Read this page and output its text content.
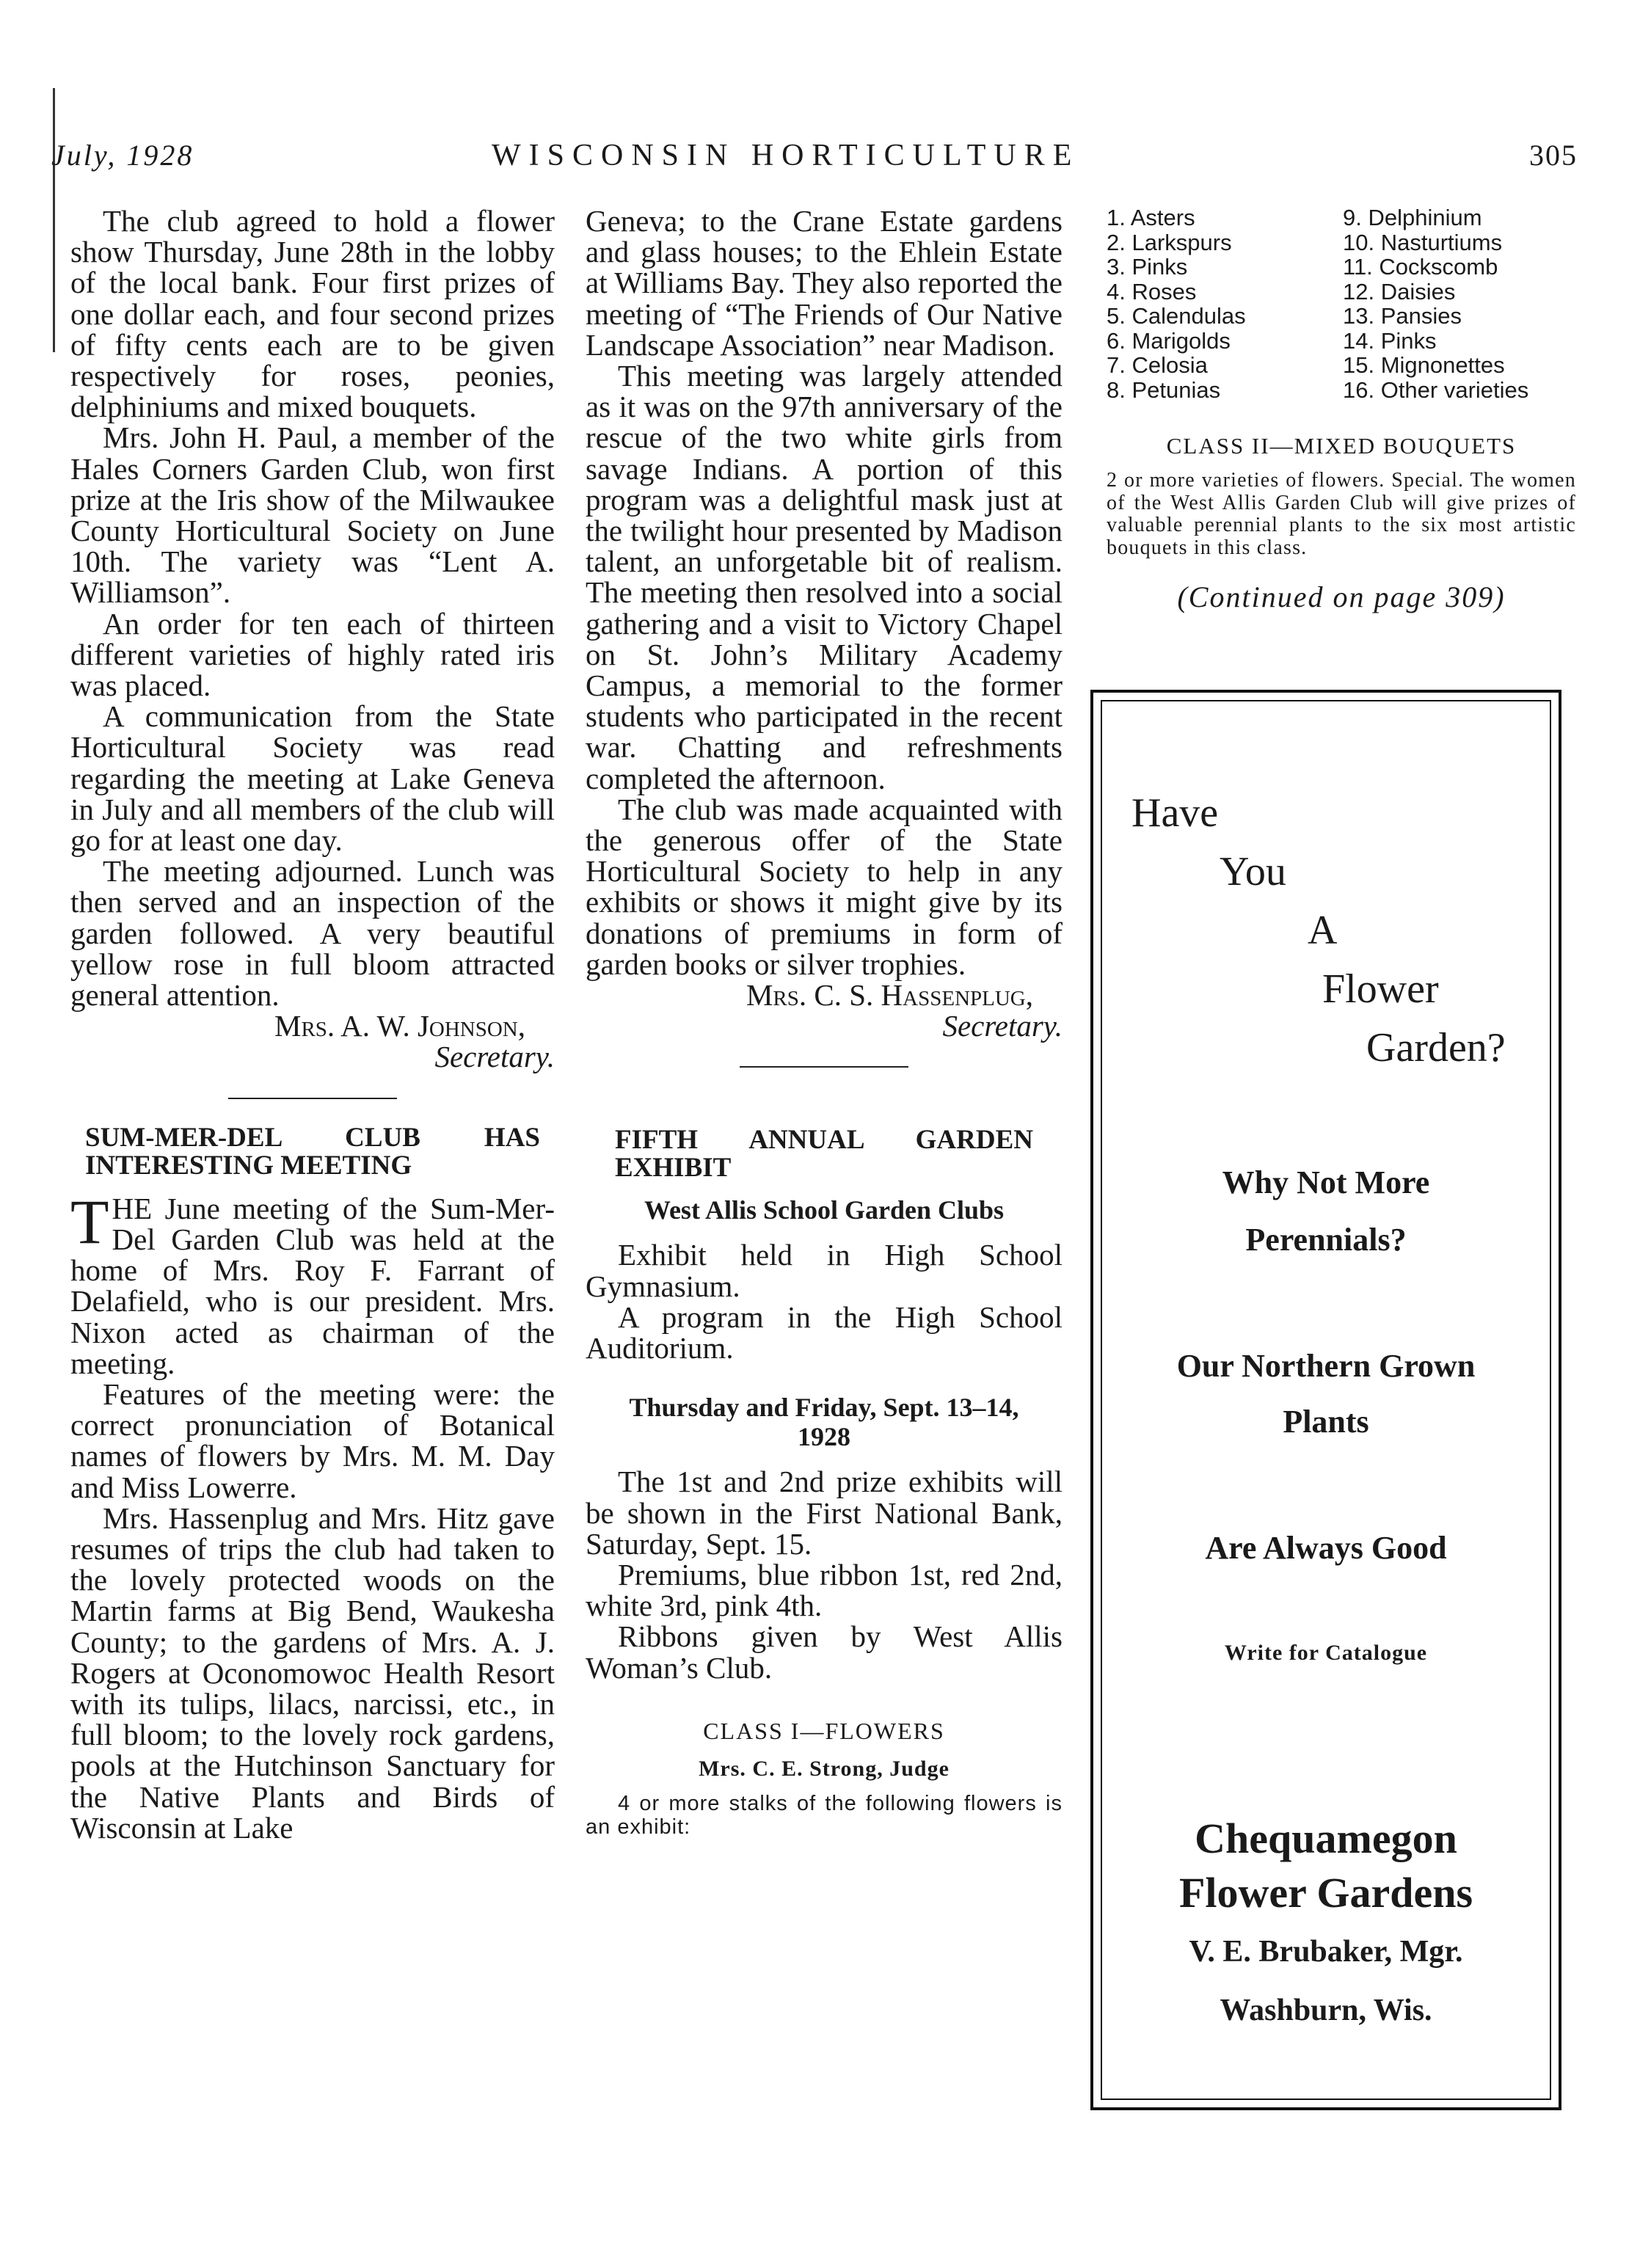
July, 1928	WISCONSIN HORTICULTURE	305

The club agreed to hold a flower show Thursday, June 28th in the lobby of the local bank. Four first prizes of one dollar each, and four second prizes of fifty cents each are to be given respectively for roses, peonies, delphiniums and mixed bouquets.

Mrs. John H. Paul, a member of the Hales Corners Garden Club, won first prize at the Iris show of the Milwaukee County Horticultural Society on June 10th. The variety was “Lent A. Williamson”.

An order for ten each of thirteen different varieties of highly rated iris was placed.

A communication from the State Horticultural Society was read regarding the meeting at Lake Geneva in July and all members of the club will go for at least one day.

The meeting adjourned. Lunch was then served and an inspection of the garden followed. A very beautiful yellow rose in full bloom attracted general attention.

Mrs. A. W. Johnson,
Secretary.

SUM-MER-DEL CLUB HAS INTERESTING MEETING

THE June meeting of the Sum-Mer-Del Garden Club was held at the home of Mrs. Roy F. Farrant of Delafield, who is our president. Mrs. Nixon acted as chairman of the meeting.

Features of the meeting were: the correct pronunciation of Botanical names of flowers by Mrs. M. M. Day and Miss Lowerre.

Mrs. Hassenplug and Mrs. Hitz gave resumes of trips the club had taken to the lovely protected woods on the Martin farms at Big Bend, Waukesha County; to the gardens of Mrs. A. J. Rogers at Oconomowoc Health Resort with its tulips, lilacs, narcissi, etc., in full bloom; to the lovely rock gardens, pools at the Hutchinson Sanctuary for the Native Plants and Birds of Wisconsin at Lake

Geneva; to the Crane Estate gardens and glass houses; to the Ehlein Estate at Williams Bay. They also reported the meeting of “The Friends of Our Native Landscape Association” near Madison.

This meeting was largely attended as it was on the 97th anniversary of the rescue of the two white girls from savage Indians. A portion of this program was a delightful mask just at the twilight hour presented by Madison talent, an unforgetable bit of realism. The meeting then resolved into a social gathering and a visit to Victory Chapel on St. John’s Military Academy Campus, a memorial to the former students who participated in the recent war. Chatting and refreshments completed the afternoon.

The club was made acquainted with the generous offer of the State Horticultural Society to help in any exhibits or shows it might give by its donations of premiums in form of garden books or silver trophies.

Mrs. C. S. Hassenplug,
Secretary.

FIFTH ANNUAL GARDEN EXHIBIT

West Allis School Garden Clubs

Exhibit held in High School Gymnasium.

A program in the High School Auditorium.

Thursday and Friday, Sept. 13–14, 1928

The 1st and 2nd prize exhibits will be shown in the First National Bank, Saturday, Sept. 15.

Premiums, blue ribbon 1st, red 2nd, white 3rd, pink 4th.

Ribbons given by West Allis Woman’s Club.

CLASS I—FLOWERS
Mrs. C. E. Strong, Judge

4 or more stalks of the following flowers is an exhibit:

1. Asters
2. Larkspurs
3. Pinks
4. Roses
5. Calendulas
6. Marigolds
7. Celosia
8. Petunias
9. Delphinium
10. Nasturtiums
11. Cockscomb
12. Daisies
13. Pansies
14. Pinks
15. Mignonettes
16. Other varieties
CLASS II—MIXED BOUQUETS

2 or more varieties of flowers. Special. The women of the West Allis Garden Club will give prizes of valuable perennial plants to the six most artistic bouquets in this class.

(Continued on page 309)
Have
You
A
Flower
Garden?
Why Not More
Perennials?
Our Northern Grown
Plants
Are Always Good
Write for Catalogue
Chequamegon
Flower Gardens
V. E. Brubaker, Mgr.
Washburn, Wis.
